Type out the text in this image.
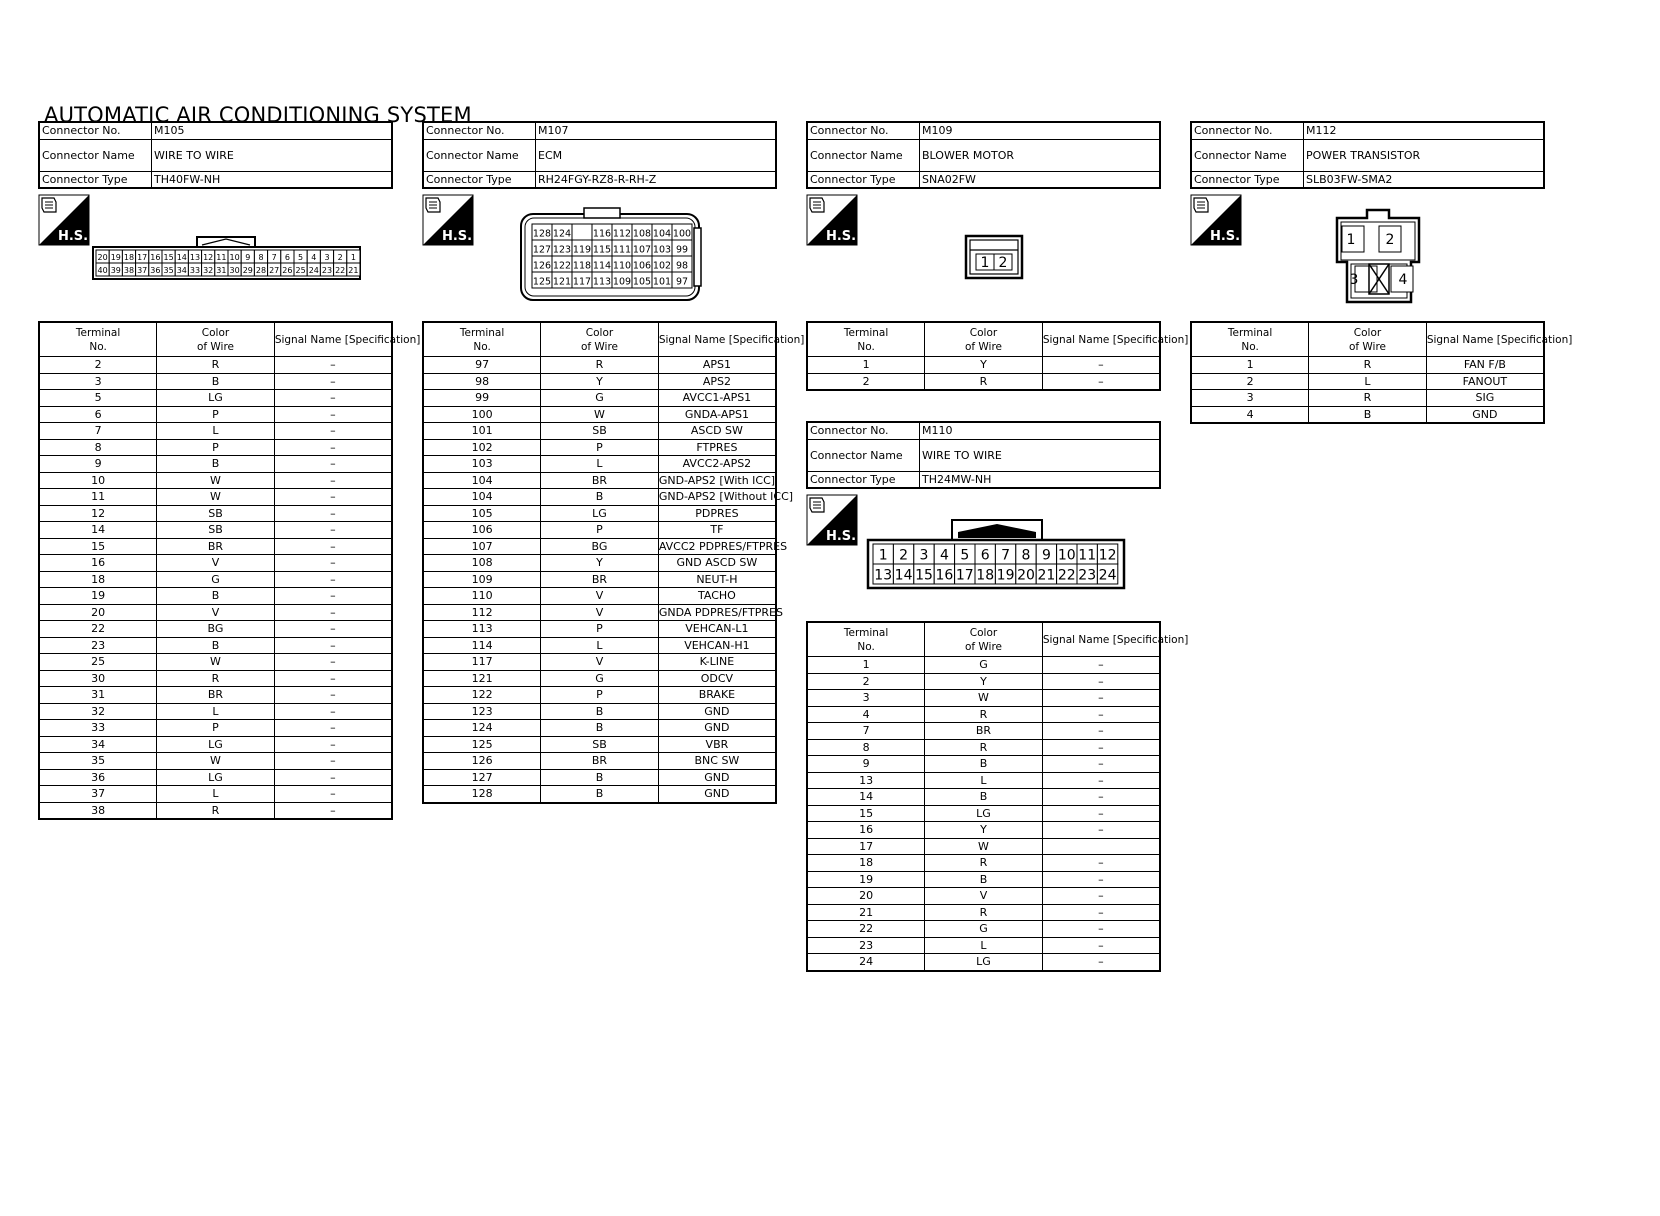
AUTOMATIC AIR CONDITIONING SYSTEM
Connector No.	M105
Connector Name	WIRE TO WIRE
Connector Type	TH40FW-NH
H.S.
20 19 18 17 16 15 14 13 12 11 10 9 8 7 6 5 4 3 2 1
40 39 38 37 36 35 34 33 32 31 30 29 28 27 26 25 24 23 22 21
Terminal
No.	Color
of Wire	Signal Name [Specification]
2	R	–
3	B	–
5	LG	–
6	P	–
7	L	–
8	P	–
9	B	–
10	W	–
11	W	–
12	SB	–
14	SB	–
15	BR	–
16	V	–
18	G	–
19	B	–
20	V	–
22	BG	–
23	B	–
25	W	–
30	R	–
31	BR	–
32	L	–
33	P	–
34	LG	–
35	W	–
36	LG	–
37	L	–
38	R	–
Connector No.	M107
Connector Name	ECM
Connector Type	RH24FGY-RZ8-R-RH-Z
H.S.	128 124 116 112 108 104 100
127 123 119 115 111 107 103 99
126 122 118 114 110 106 102 98
125 121 117 113 109 105 101 97
Terminal
No.	Color
of Wire	Signal Name [Specification]
97	R	APS1
98	Y	APS2
99	G	AVCC1-APS1
100	W	GNDA-APS1
101	SB	ASCD SW
102	P	FTPRES
103	L	AVCC2-APS2
104	BR	GND-APS2 [With ICC]
104	B	GND-APS2 [Without ICC]
105	LG	PDPRES
106	P	TF
107	BG	AVCC2 PDPRES/FTPRES
108	Y	GND ASCD SW
109	BR	NEUT-H
110	V	TACHO
112	V	GNDA PDPRES/FTPRES
113	P	VEHCAN-L1
114	L	VEHCAN-H1
117	V	K-LINE
121	G	ODCV
122	P	BRAKE
123	B	GND
124	B	GND
125	SB	VBR
126	BR	BNC SW
127	B	GND
128	B	GND
Connector No.	M109
Connector Name	BLOWER MOTOR
Connector Type	SNA02FW
H.S.
1 2
Terminal
No.	Color
of Wire	Signal Name [Specification]
1	Y	–
2	R	–
Connector No.	M110
Connector Name	WIRE TO WIRE
Connector Type	TH24MW-NH
H.S.
1 2 3 4 5 6 7 8 9 10 11 12
13 14 15 16 17 18 19 20 21 22 23 24
Terminal
No.	Color
of Wire	Signal Name [Specification]
1	G	–
2	Y	–
3	W	–
4	R	–
7	BR	–
8	R	–
9	B	–
13	L	–
14	B	–
15	LG	–
16	Y	–
17	W	
18	R	–
19	B	–
20	V	–
21	R	–
22	G	–
23	L	–
24	LG	–
Connector No.	M112
Connector Name	POWER TRANSISTOR
Connector Type	SLB03FW-SMA2
H.S.	1 2
3	4
Terminal
No.	Color
of Wire	Signal Name [Specification]
1	R	FAN F/B
2	L	FANOUT
3	R	SIG
4	B	GND
